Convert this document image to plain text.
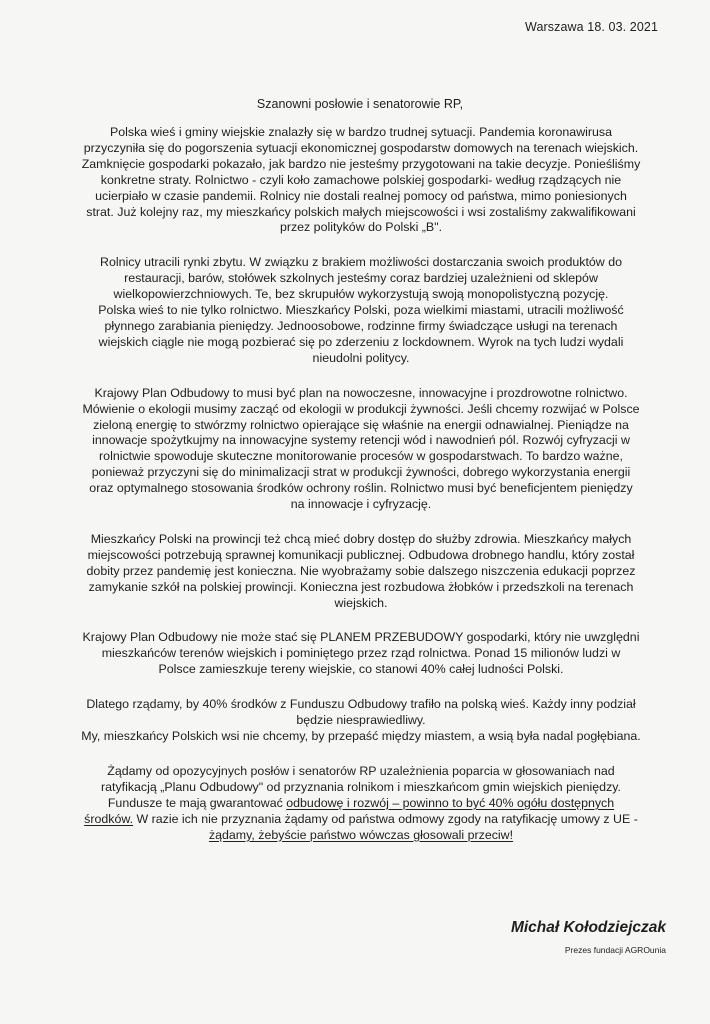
Warszawa 18. 03. 2021
Szanowni posłowie i senatorowie RP,

Polska wieś i gminy wiejskie znalazły się w bardzo trudnej sytuacji. Pandemia koronawirusa
przyczyniła się do pogorszenia sytuacji ekonomicznej gospodarstw domowych na terenach wiejskich.
Zamknięcie gospodarki pokazało, jak bardzo nie jesteśmy przygotowani na takie decyzje. Ponieśliśmy
konkretne straty. Rolnictwo - czyli koło zamachowe polskiej gospodarki- według rządzących nie
ucierpiało w czasie pandemii. Rolnicy nie dostali realnej pomocy od państwa, mimo poniesionych
strat. Już kolejny raz, my mieszkańcy polskich małych miejscowości i wsi zostaliśmy zakwalifikowani
przez polityków do Polski „B".

Rolnicy utracili rynki zbytu. W związku z brakiem możliwości dostarczania swoich produktów do
restauracji, barów, stołówek szkolnych jesteśmy coraz bardziej uzależnieni od sklepów
wielkopowierzchniowych. Te, bez skrupułów wykorzystują swoją monopolistyczną pozycję.
Polska wieś to nie tylko rolnictwo. Mieszkańcy Polski, poza wielkimi miastami, utracili możliwość
płynnego zarabiania pieniędzy. Jednoosobowe, rodzinne firmy świadczące usługi na terenach
wiejskich ciągle nie mogą pozbierać się po zderzeniu z lockdownem. Wyrok na tych ludzi wydali
nieudolni politycy.

Krajowy Plan Odbudowy to musi być plan na nowoczesne, innowacyjne i prozdrowotne rolnictwo.
Mówienie o ekologii musimy zacząć od ekologii w produkcji żywności. Jeśli chcemy rozwijać w Polsce
zieloną energię to stwórzmy rolnictwo opierające się właśnie na energii odnawialnej. Pieniądze na
innowacje spożytkujmy na innowacyjne systemy retencji wód i nawodnień pól. Rozwój cyfryzacji w
rolnictwie spowoduje skuteczne monitorowanie procesów w gospodarstwach. To bardzo ważne,
ponieważ przyczyni się do minimalizacji strat w produkcji żywności, dobrego wykorzystania energii
oraz optymalnego stosowania środków ochrony roślin. Rolnictwo musi być beneficjentem pieniędzy
na innowacje i cyfryzację.

Mieszkańcy Polski na prowincji też chcą mieć dobry dostęp do służby zdrowia. Mieszkańcy małych
miejscowości potrzebują sprawnej komunikacji publicznej. Odbudowa drobnego handlu, który został
dobity przez pandemię jest konieczna. Nie wyobrażamy sobie dalszego niszczenia edukacji poprzez
zamykanie szkół na polskiej prowincji. Konieczna jest rozbudowa żłobków i przedszkoli na terenach
wiejskich.

Krajowy Plan Odbudowy nie może stać się PLANEM PRZEBUDOWY gospodarki, który nie uwzględni
mieszkańców terenów wiejskich i pominiętego przez rząd rolnictwa. Ponad 15 milionów ludzi w
Polsce zamieszkuje tereny wiejskie, co stanowi 40% całej ludności Polski.

Dlatego rządamy, by 40% środków z Funduszu Odbudowy trafiło na polską wieś. Każdy inny podział
będzie niesprawiedliwy.
My, mieszkańcy Polskich wsi nie chcemy, by przepaść między miastem, a wsią była nadal pogłębiana.

Żądamy od opozycyjnych posłów i senatorów RP uzależnienia poparcia w głosowaniach nad
ratyfikacją „Planu Odbudowy" od przyznania rolnikom i mieszkańcom gmin wiejskich pieniędzy.
Fundusze te mają gwarantować odbudowę i rozwój – powinno to być 40% ogółu dostępnych
środków. W razie ich nie przyznania żądamy od państwa odmowy zgody na ratyfikację umowy z UE -
żądamy, żebyście państwo wówczas głosowali przeciw!

Michał Kołodziejczak
Prezes fundacji AGROunia
